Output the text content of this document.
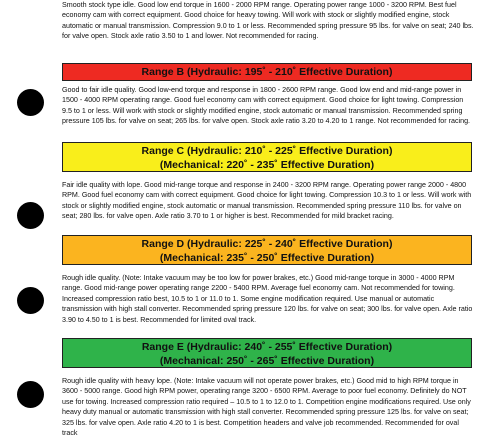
Smooth stock type idle. Good low end torque in 1600 - 2000 RPM range. Operating power range 1000 - 3200 RPM. Best fuel economy cam with correct equipment. Good choice for heavy towing. Will work with stock or slightly modified engine, stock automatic or manual transmission. Compression 9.0 to 1 or less. Recommended spring pressure 95 lbs. for valve on seat; 240 lbs. for valve open. Stock axle ratio 3.50 to 1 and lower. Not recommended for racing.

Range B (Hydraulic: 195˚ - 210˚ Effective Duration)

Good to fair idle quality. Good low-end torque and response in 1800 - 2600 RPM range. Good low end and mid-range power in 1500 - 4000 RPM operating range. Good fuel economy cam with correct equipment. Good choice for light towing. Compression 9.5 to 1 or less. Will work with stock or slightly modified engine, stock automatic or manual transmission. Recommended spring pressure 105 lbs. for valve on seat; 265 lbs. for valve open. Stock axle ratio 3.20 to 4.20 to 1 range. Not recommended for racing.

Range C (Hydraulic: 210˚ - 225˚ Effective Duration)
(Mechanical: 220˚ - 235˚ Effective Duration)

Fair idle quality with lope. Good mid-range torque and response in 2400 - 3200 RPM range. Operating power range 2000 - 4800 RPM. Good fuel economy cam with correct equipment. Good choice for light towing. Compression 10.3 to 1 or less. Will work with stock or slightly modified engine, stock automatic or manual transmission. Recommended spring pressure 110 lbs. for valve on seat; 280 lbs. for valve open. Axle ratio 3.70 to 1 or higher is best. Recommended for mild bracket racing.

Range D (Hydraulic: 225˚ - 240˚ Effective Duration)
(Mechanical: 235˚ - 250˚ Effective Duration)

Rough idle quality. (Note: Intake vacuum may be too low for power brakes, etc.) Good mid-range torque in 3000 - 4000 RPM range. Good mid-range power operating range 2200 - 5400 RPM. Average fuel economy cam. Not recommended for towing. Increased compression ratio best, 10.5 to 1 or 11.0 to 1. Some engine modification required. Use manual or automatic transmission with high stall converter. Recommended spring pressure 120 lbs. for valve on seat; 300 lbs. for valve open. Axle ratio 3.90 to 4.50 to 1 is best. Recommended for limited oval track.

Range E (Hydraulic: 240˚ - 255˚ Effective Duration)
(Mechanical: 250˚ - 265˚ Effective Duration)

Rough idle quality with heavy lope. (Note: Intake vacuum will not operate power brakes, etc.) Good mid to high RPM torque in 3600 - 5000 range. Good high RPM power, operating range 3200 - 6500 RPM. Average to poor fuel economy. Definitely do NOT use for towing. Increased compression ratio required – 10.5 to 1 to 12.0 to 1. Competition engine modifications required. Use only heavy duty manual or automatic transmission with high stall converter. Recommended spring pressure 125 lbs. for valve on seat; 325 lbs. for valve open. Axle ratio 4.20 to 1 is best. Competition headers and valve job recommended. Recommended for oval track
